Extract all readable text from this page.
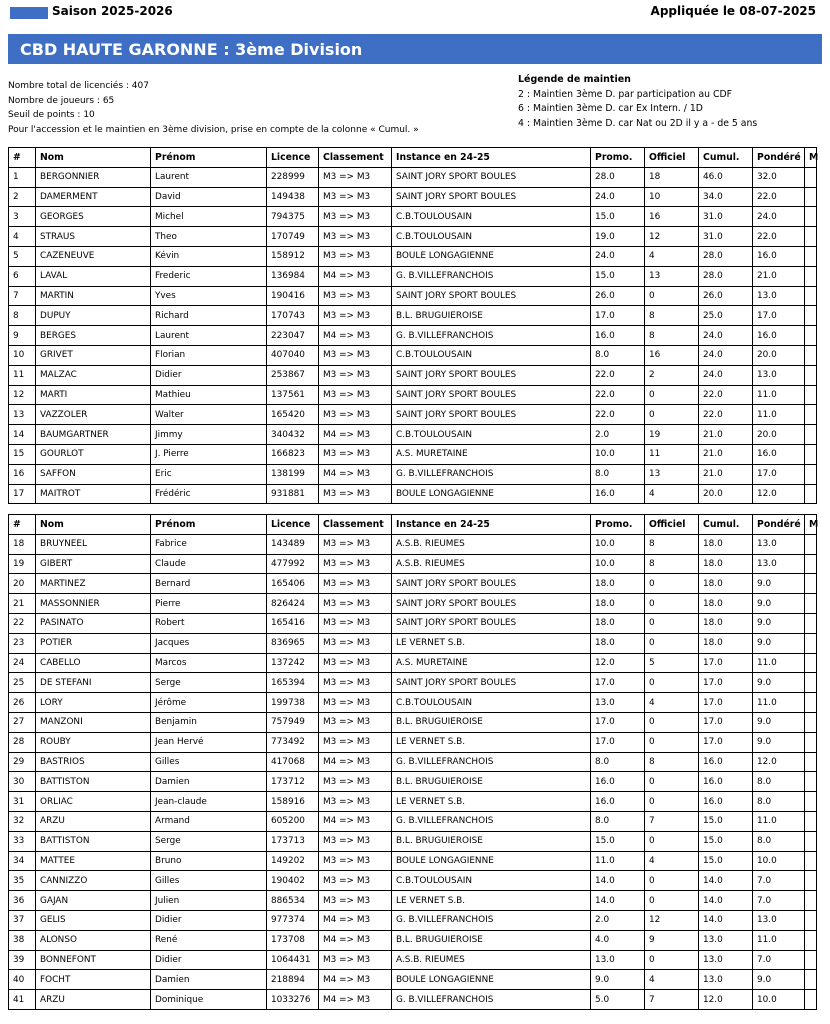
Saison 2025-2026	Appliquée le 08-07-2025
CBD HAUTE GARONNE : 3ème Division
Nombre total de licenciés : 407
Nombre de joueurs : 65
Seuil de points : 10
Pour l'accession et le maintien en 3ème division, prise en compte de la colonne « Cumul. »
Légende de maintien
2 : Maintien 3ème D. par participation au CDF
6 : Maintien 3ème D. car Ex Intern. / 1D
4 : Maintien 3ème D. car Nat ou 2D il y a - de 5 ans
#	Nom	Prénom	Licence	Classement	Instance en 24-25	Promo.	Officiel	Cumul.	Pondéré	M
1	BERGONNIER	Laurent	228999	M3 => M3	SAINT JORY SPORT BOULES	28.0	18	46.0	32.0	
2	DAMERMENT	David	149438	M3 => M3	SAINT JORY SPORT BOULES	24.0	10	34.0	22.0	
3	GEORGES	Michel	794375	M3 => M3	C.B.TOULOUSAIN	15.0	16	31.0	24.0	
4	STRAUS	Theo	170749	M3 => M3	C.B.TOULOUSAIN	19.0	12	31.0	22.0	
5	CAZENEUVE	Kévin	158912	M3 => M3	BOULE LONGAGIENNE	24.0	4	28.0	16.0	
6	LAVAL	Frederic	136984	M4 => M3	G. B.VILLEFRANCHOIS	15.0	13	28.0	21.0	
7	MARTIN	Yves	190416	M3 => M3	SAINT JORY SPORT BOULES	26.0	0	26.0	13.0	
8	DUPUY	Richard	170743	M3 => M3	B.L. BRUGUIEROISE	17.0	8	25.0	17.0	
9	BERGES	Laurent	223047	M4 => M3	G. B.VILLEFRANCHOIS	16.0	8	24.0	16.0	
10	GRIVET	Florian	407040	M3 => M3	C.B.TOULOUSAIN	8.0	16	24.0	20.0	
11	MALZAC	Didier	253867	M3 => M3	SAINT JORY SPORT BOULES	22.0	2	24.0	13.0	
12	MARTI	Mathieu	137561	M3 => M3	SAINT JORY SPORT BOULES	22.0	0	22.0	11.0	
13	VAZZOLER	Walter	165420	M3 => M3	SAINT JORY SPORT BOULES	22.0	0	22.0	11.0	
14	BAUMGARTNER	Jimmy	340432	M4 => M3	C.B.TOULOUSAIN	2.0	19	21.0	20.0	
15	GOURLOT	J. Pierre	166823	M3 => M3	A.S. MURETAINE	10.0	11	21.0	16.0	
16	SAFFON	Eric	138199	M4 => M3	G. B.VILLEFRANCHOIS	8.0	13	21.0	17.0	
17	MAITROT	Frédéric	931881	M3 => M3	BOULE LONGAGIENNE	16.0	4	20.0	12.0	
#	Nom	Prénom	Licence	Classement	Instance en 24-25	Promo.	Officiel	Cumul.	Pondéré	M
18	BRUYNEEL	Fabrice	143489	M3 => M3	A.S.B. RIEUMES	10.0	8	18.0	13.0	
19	GIBERT	Claude	477992	M3 => M3	A.S.B. RIEUMES	10.0	8	18.0	13.0	
20	MARTINEZ	Bernard	165406	M3 => M3	SAINT JORY SPORT BOULES	18.0	0	18.0	9.0	
21	MASSONNIER	Pierre	826424	M3 => M3	SAINT JORY SPORT BOULES	18.0	0	18.0	9.0	
22	PASINATO	Robert	165416	M3 => M3	SAINT JORY SPORT BOULES	18.0	0	18.0	9.0	
23	POTIER	Jacques	836965	M3 => M3	LE VERNET S.B.	18.0	0	18.0	9.0	
24	CABELLO	Marcos	137242	M3 => M3	A.S. MURETAINE	12.0	5	17.0	11.0	
25	DE STEFANI	Serge	165394	M3 => M3	SAINT JORY SPORT BOULES	17.0	0	17.0	9.0	
26	LORY	Jérôme	199738	M3 => M3	C.B.TOULOUSAIN	13.0	4	17.0	11.0	
27	MANZONI	Benjamin	757949	M3 => M3	B.L. BRUGUIEROISE	17.0	0	17.0	9.0	
28	ROUBY	Jean Hervé	773492	M3 => M3	LE VERNET S.B.	17.0	0	17.0	9.0	
29	BASTRIOS	Gilles	417068	M4 => M3	G. B.VILLEFRANCHOIS	8.0	8	16.0	12.0	
30	BATTISTON	Damien	173712	M3 => M3	B.L. BRUGUIEROISE	16.0	0	16.0	8.0	
31	ORLIAC	Jean-claude	158916	M3 => M3	LE VERNET S.B.	16.0	0	16.0	8.0	
32	ARZU	Armand	605200	M4 => M3	G. B.VILLEFRANCHOIS	8.0	7	15.0	11.0	
33	BATTISTON	Serge	173713	M3 => M3	B.L. BRUGUIEROISE	15.0	0	15.0	8.0	
34	MATTEE	Bruno	149202	M3 => M3	BOULE LONGAGIENNE	11.0	4	15.0	10.0	
35	CANNIZZO	Gilles	190402	M3 => M3	C.B.TOULOUSAIN	14.0	0	14.0	7.0	
36	GAJAN	Julien	886534	M3 => M3	LE VERNET S.B.	14.0	0	14.0	7.0	
37	GELIS	Didier	977374	M4 => M3	G. B.VILLEFRANCHOIS	2.0	12	14.0	13.0	
38	ALONSO	René	173708	M4 => M3	B.L. BRUGUIEROISE	4.0	9	13.0	11.0	
39	BONNEFONT	Didier	1064431	M3 => M3	A.S.B. RIEUMES	13.0	0	13.0	7.0	
40	FOCHT	Damien	218894	M4 => M3	BOULE LONGAGIENNE	9.0	4	13.0	9.0	
41	ARZU	Dominique	1033276	M4 => M3	G. B.VILLEFRANCHOIS	5.0	7	12.0	10.0	
